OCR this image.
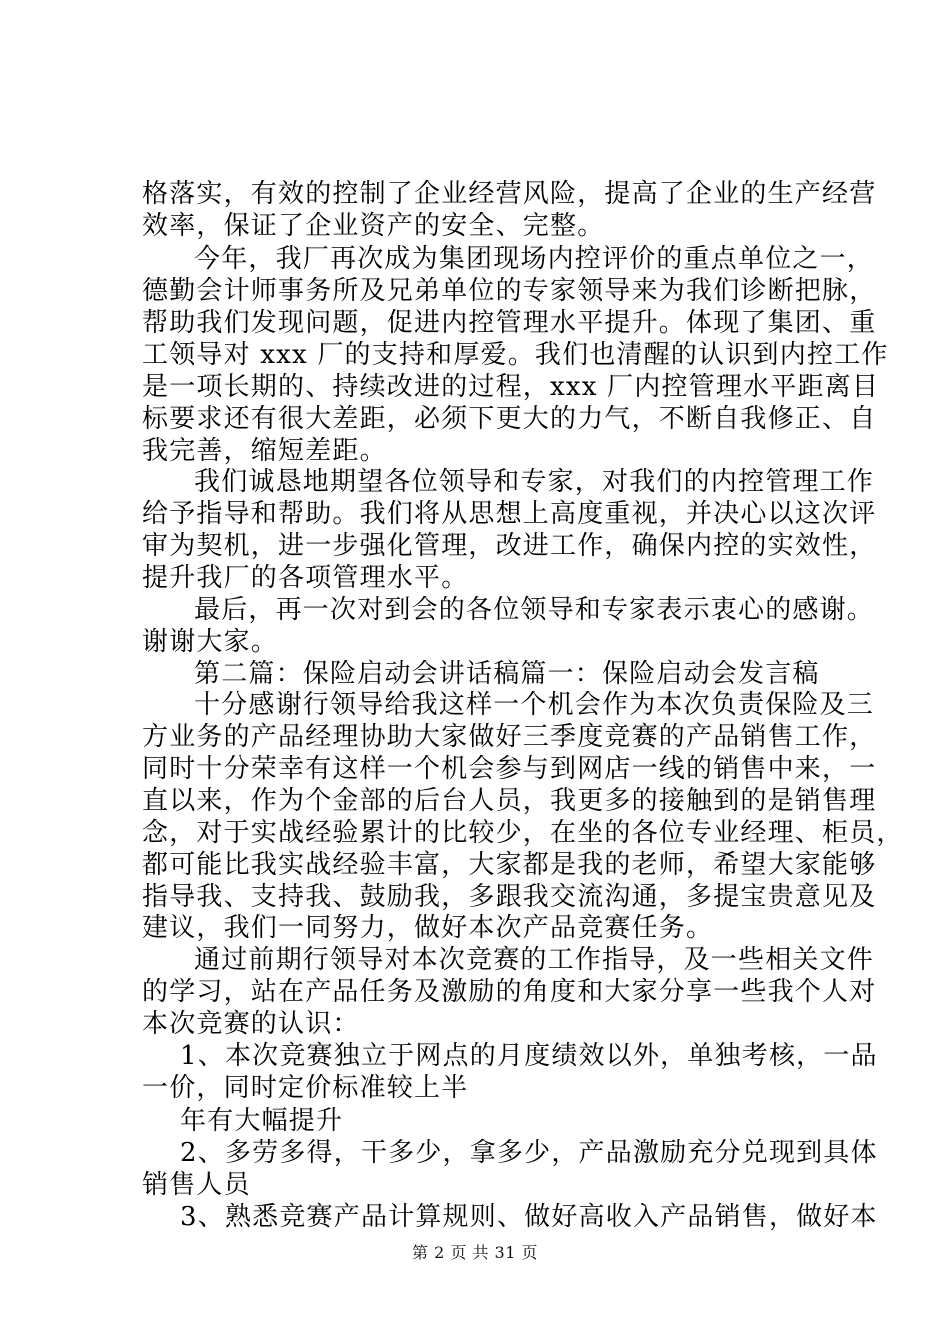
格落实，有效的控制了企业经营风险，提高了企业的生产经营
效率，保证了企业资产的安全、完整。
今年，我厂再次成为集团现场内控评价的重点单位之一，
德勤会计师事务所及兄弟单位的专家领导来为我们诊断把脉，
帮助我们发现问题，促进内控管理水平提升。体现了集团、重
工领导对 xxx 厂的支持和厚爱。我们也清醒的认识到内控工作
是一项长期的、持续改进的过程，xxx 厂内控管理水平距离目
标要求还有很大差距，必须下更大的力气，不断自我修正、自
我完善，缩短差距。
我们诚恳地期望各位领导和专家，对我们的内控管理工作
给予指导和帮助。我们将从思想上高度重视，并决心以这次评
审为契机，进一步强化管理，改进工作，确保内控的实效性，
提升我厂的各项管理水平。
最后，再一次对到会的各位领导和专家表示衷心的感谢。
谢谢大家。
第二篇：保险启动会讲话稿篇一：保险启动会发言稿
十分感谢行领导给我这样一个机会作为本次负责保险及三
方业务的产品经理协助大家做好三季度竞赛的产品销售工作，
同时十分荣幸有这样一个机会参与到网店一线的销售中来，一
直以来，作为个金部的后台人员，我更多的接触到的是销售理
念，对于实战经验累计的比较少，在坐的各位专业经理、柜员，
都可能比我实战经验丰富，大家都是我的老师，希望大家能够
指导我、支持我、鼓励我，多跟我交流沟通，多提宝贵意见及
建议，我们一同努力，做好本次产品竞赛任务。
通过前期行领导对本次竞赛的工作指导，及一些相关文件
的学习，站在产品任务及激励的角度和大家分享一些我个人对
本次竞赛的认识：
1、本次竞赛独立于网点的月度绩效以外，单独考核，一品
一价，同时定价标准较上半
年有大幅提升
2、多劳多得，干多少，拿多少，产品激励充分兑现到具体
销售人员
3、熟悉竞赛产品计算规则、做好高收入产品销售，做好本
第 2 页 共 31 页
